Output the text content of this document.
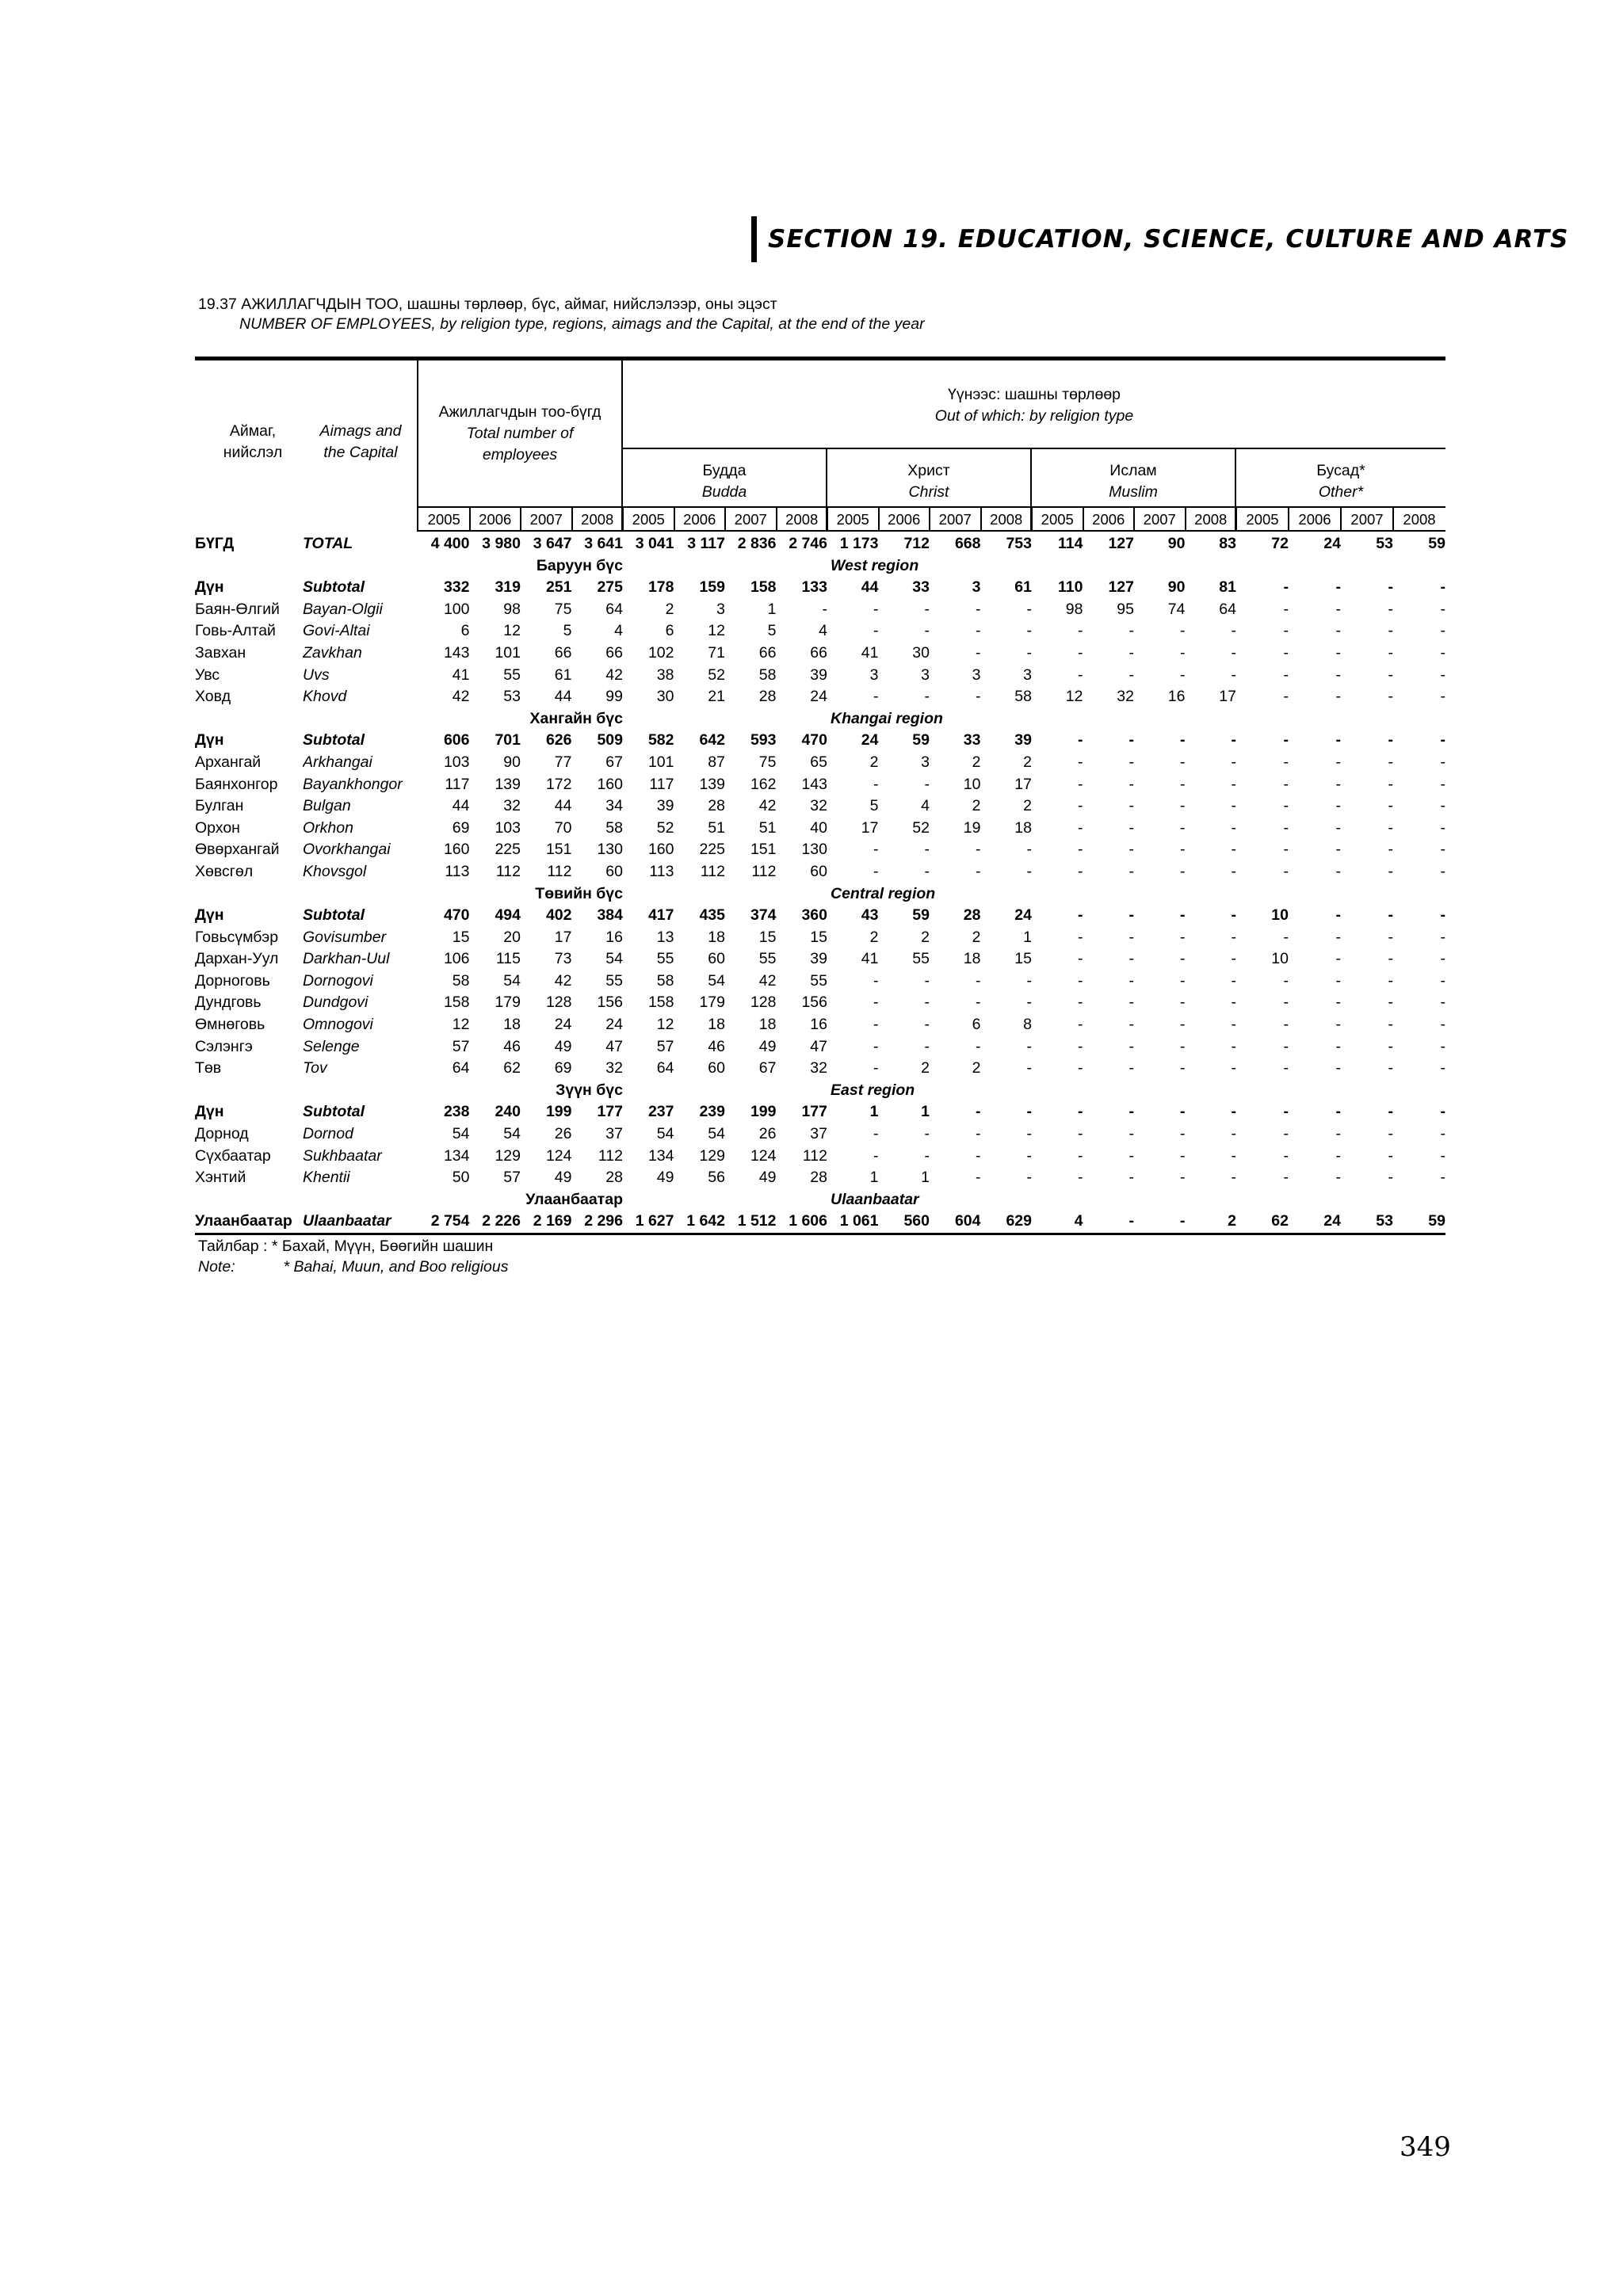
SECTION 19. EDUCATION, SCIENCE, CULTURE AND ARTS
19.37 АЖИЛЛАГЧДЫН ТОО, шашны төрлөөр, бүс, аймаг, нийслэлээр, оны эцэст
NUMBER OF EMPLOYEES, by religion type, regions, aimags and the Capital, at the end of the year
Аймаг,
нийслэл
Aimags and
the Capital
Ажиллагчдын тоо-бүгд
Total number of
employees
Үүнээс: шашны төрлөөр
Out of which: by religion type
Будда
Budda
Христ
Christ
Ислам
Muslim
Бусад*
Other*
2005	2006	2007	2008	2005	2006	2007	2008	2005	2006	2007	2008	2005	2006	2007	2008	2005	2006	2007	2008
БҮГД	TOTAL	4 400	3 980	3 647	3 641	3 041	3 117	2 836	2 746	1 173	712	668	753	114	127	90	83	72	24	53	59
Баруун бүс						West region															
Дүн	Subtotal	332	319	251	275	178	159	158	133	44	33	3	61	110	127	90	81	-	-	-	-
Баян-Өлгий	Bayan-Olgii	100	98	75	64	2	3	1	-	-	-	-	-	98	95	74	64	-	-	-	-
Говь-Алтай	Govi-Altai	6	12	5	4	6	12	5	4	-	-	-	-	-	-	-	-	-	-	-	-
Завхан	Zavkhan	143	101	66	66	102	71	66	66	41	30	-	-	-	-	-	-	-	-	-	-
Увс	Uvs	41	55	61	42	38	52	58	39	3	3	3	3	-	-	-	-	-	-	-	-
Ховд	Khovd	42	53	44	99	30	21	28	24	-	-	-	58	12	32	16	17	-	-	-	-
Хангайн бүс						Khangai region															
Дүн	Subtotal	606	701	626	509	582	642	593	470	24	59	33	39	-	-	-	-	-	-	-	-
Архангай	Arkhangai	103	90	77	67	101	87	75	65	2	3	2	2	-	-	-	-	-	-	-	-
Баянхонгор	Bayankhongor	117	139	172	160	117	139	162	143	-	-	10	17	-	-	-	-	-	-	-	-
Булган	Bulgan	44	32	44	34	39	28	42	32	5	4	2	2	-	-	-	-	-	-	-	-
Орхон	Orkhon	69	103	70	58	52	51	51	40	17	52	19	18	-	-	-	-	-	-	-	-
Өвөрхангай	Ovorkhangai	160	225	151	130	160	225	151	130	-	-	-	-	-	-	-	-	-	-	-	-
Хөвсгөл	Khovsgol	113	112	112	60	113	112	112	60	-	-	-	-	-	-	-	-	-	-	-	-
Төвийн бүс						Central region															
Дүн	Subtotal	470	494	402	384	417	435	374	360	43	59	28	24	-	-	-	-	10	-	-	-
Говьсүмбэр	Govisumber	15	20	17	16	13	18	15	15	2	2	2	1	-	-	-	-	-	-	-	-
Дархан-Уул	Darkhan-Uul	106	115	73	54	55	60	55	39	41	55	18	15	-	-	-	-	10	-	-	-
Дорноговь	Dornogovi	58	54	42	55	58	54	42	55	-	-	-	-	-	-	-	-	-	-	-	-
Дундговь	Dundgovi	158	179	128	156	158	179	128	156	-	-	-	-	-	-	-	-	-	-	-	-
Өмнөговь	Omnogovi	12	18	24	24	12	18	18	16	-	-	6	8	-	-	-	-	-	-	-	-
Сэлэнгэ	Selenge	57	46	49	47	57	46	49	47	-	-	-	-	-	-	-	-	-	-	-	-
Төв	Tov	64	62	69	32	64	60	67	32	-	2	2	-	-	-	-	-	-	-	-	-
Зүүн бүс						East region															
Дүн	Subtotal	238	240	199	177	237	239	199	177	1	1	-	-	-	-	-	-	-	-	-	-
Дорнод	Dornod	54	54	26	37	54	54	26	37	-	-	-	-	-	-	-	-	-	-	-	-
Сүхбаатар	Sukhbaatar	134	129	124	112	134	129	124	112	-	-	-	-	-	-	-	-	-	-	-	-
Хэнтий	Khentii	50	57	49	28	49	56	49	28	1	1	-	-	-	-	-	-	-	-	-	-
Улаанбаатар						Ulaanbaatar															
Улаанбаатар	Ulaanbaatar	2 754	2 226	2 169	2 296	1 627	1 642	1 512	1 606	1 061	560	604	629	4	-	-	2	62	24	53	59
Тайлбар : * Бахай, Мүүн, Бөөгийн шашин
Note:	* Bahai, Muun, and Boo religious
349
